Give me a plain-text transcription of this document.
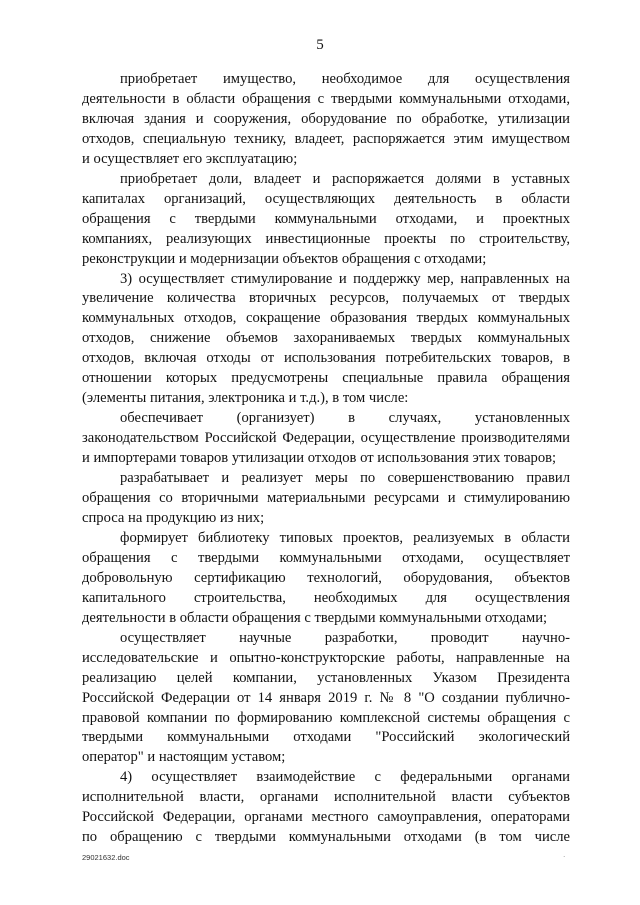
5

приобретает имущество, необходимое для осуществления
деятельности в области обращения с твердыми коммунальными отходами,
включая здания и сооружения, оборудование по обработке, утилизации
отходов, специальную технику, владеет, распоряжается этим имуществом
и осуществляет его эксплуатацию;

приобретает доли, владеет и распоряжается долями в уставных
капиталах организаций, осуществляющих деятельность в области
обращения с твердыми коммунальными отходами, и проектных
компаниях, реализующих инвестиционные проекты по строительству,
реконструкции и модернизации объектов обращения с отходами;

3) осуществляет стимулирование и поддержку мер, направленных на
увеличение количества вторичных ресурсов, получаемых от твердых
коммунальных отходов, сокращение образования твердых коммунальных
отходов, снижение объемов захораниваемых твердых коммунальных
отходов, включая отходы от использования потребительских товаров, в
отношении которых предусмотрены специальные правила обращения
(элементы питания, электроника и т.д.), в том числе:

обеспечивает (организует) в случаях, установленных
законодательством Российской Федерации, осуществление производителями
и импортерами товаров утилизации отходов от использования этих товаров;

разрабатывает и реализует меры по совершенствованию правил
обращения со вторичными материальными ресурсами и стимулированию
спроса на продукцию из них;

формирует библиотеку типовых проектов, реализуемых в области
обращения с твердыми коммунальными отходами, осуществляет
добровольную сертификацию технологий, оборудования, объектов
капитального строительства, необходимых для осуществления
деятельности в области обращения с твердыми коммунальными отходами;

осуществляет научные разработки, проводит научно-
исследовательские и опытно-конструкторские работы, направленные на
реализацию целей компании, установленных Указом Президента
Российской Федерации от 14 января 2019 г. № 8 "О создании публично-
правовой компании по формированию комплексной системы обращения с
твердыми коммунальными отходами "Российский экологический
оператор" и настоящим уставом;

4) осуществляет взаимодействие с федеральными органами
исполнительной власти, органами исполнительной власти субъектов
Российской Федерации, органами местного самоуправления, операторами
по обращению с твердыми коммунальными отходами (в том числе

29021632.doc	·
